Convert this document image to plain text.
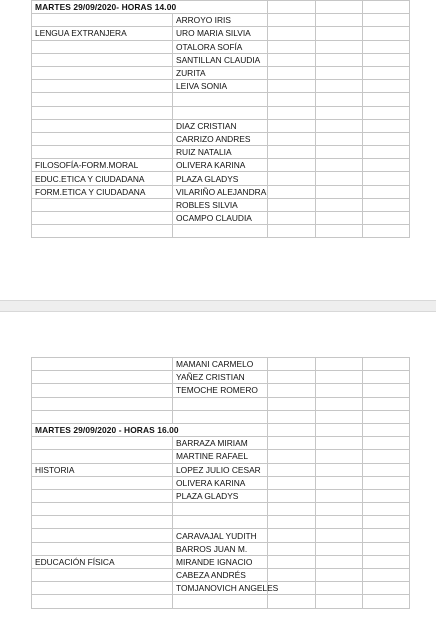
MARTES 29/09/2020- HORAS 14.00				
	ARROYO IRIS			
LENGUA EXTRANJERA	URO MARIA SILVIA			
	OTALORA SOFÍA			
	SANTILLAN CLAUDIA			
	ZURITA			
	LEIVA SONIA			

	DIAZ CRISTIAN			
	CARRIZO ANDRES			
	RUIZ NATALIA			
FILOSOFÍA-FORM.MORAL	OLIVERA KARINA			
EDUC.ETICA Y CIUDADANA	PLAZA GLADYS			
FORM.ETICA Y CIUDADANA	VILARIÑO ALEJANDRA			
	ROBLES SILVIA			
	OCAMPO CLAUDIA			

	MAMANI CARMELO			
	YAÑEZ CRISTIAN			
	TEMOCHE ROMERO			

MARTES 29/09/2020 - HORAS 16.00				
	BARRAZA MIRIAM			
	MARTINE RAFAEL			
HISTORIA	LOPEZ JULIO CESAR			
	OLIVERA KARINA			
	PLAZA GLADYS			

	CARAVAJAL YUDITH			
	BARROS JUAN M.			
EDUCACIÓN FÍSICA	MIRANDE IGNACIO			
	CABEZA ANDRÉS			
	TOMJANOVICH ANGELES			
